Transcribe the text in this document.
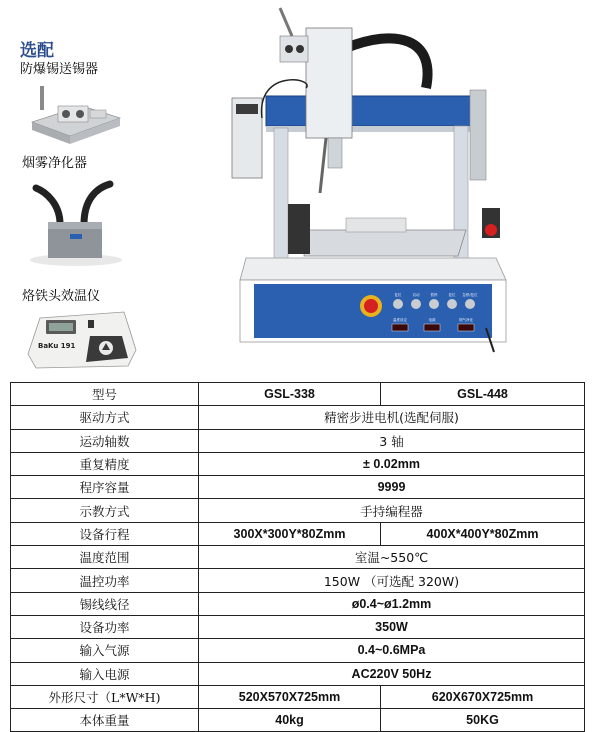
选配
防爆锡送锡器
烟雾净化器
烙铁头效温仪
BaKu 191
复位	启动	暂停	复位 急停/复位
温度设定	电源	烟气净化
型号	GSL-338	GSL-448
驱动方式	精密步进电机(选配伺服)	
运动轴数	3 轴	
重复精度	± 0.02mm	
程序容量	9999	
示教方式	手持编程器	
设备行程	300X*300Y*80Zmm	400X*400Y*80Zmm
温度范围	室温~550℃	
温控功率	150W （可选配 320W)	
锡线线径	ø0.4~ø1.2mm	
设备功率	350W	
输入气源	0.4~0.6MPa	
输入电源	AC220V 50Hz	
外形尺寸（L*W*H)	520X570X725mm	620X670X725mm
本体重量	40kg	50KG
